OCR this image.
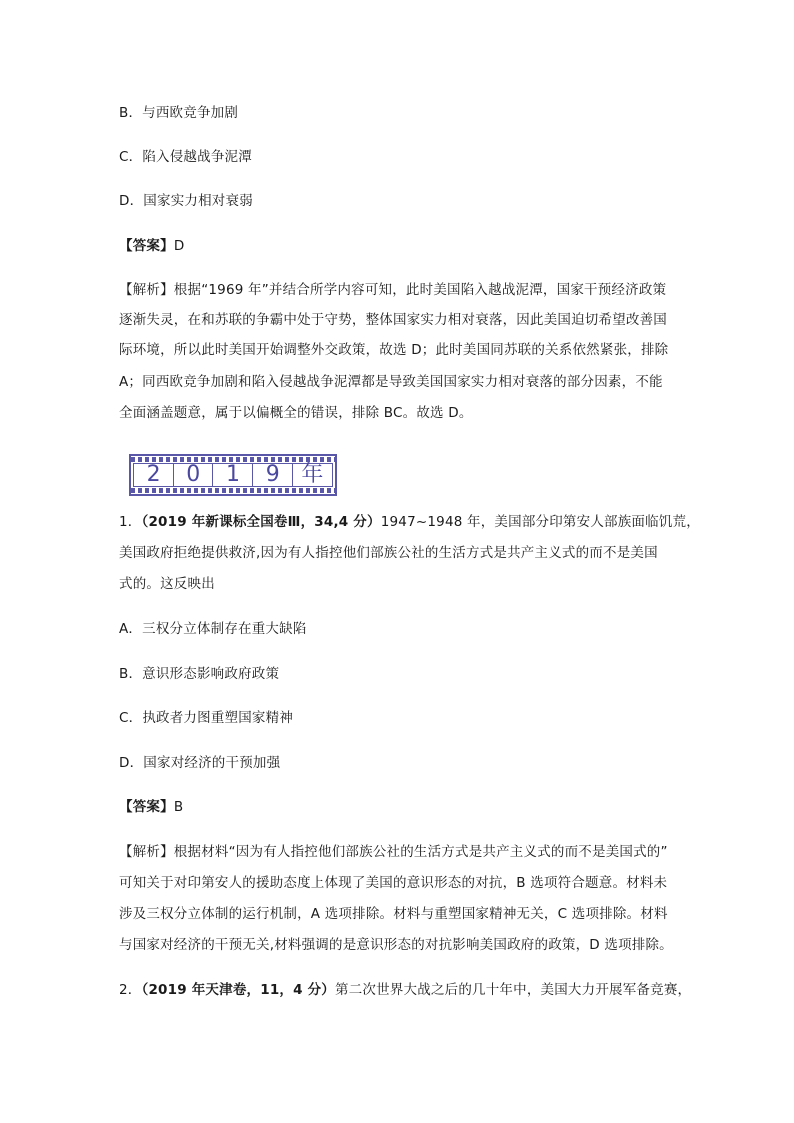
B．与西欧竞争加剧
C．陷入侵越战争泥潭
D．国家实力相对衰弱
【答案】D
【解析】根据“1969 年”并结合所学内容可知，此时美国陷入越战泥潭，国家干预经济政策
逐渐失灵，在和苏联的争霸中处于守势，整体国家实力相对衰落，因此美国迫切希望改善国
际环境，所以此时美国开始调整外交政策，故选 D；此时美国同苏联的关系依然紧张，排除
A；同西欧竞争加剧和陷入侵越战争泥潭都是导致美国国家实力相对衰落的部分因素，不能
全面涵盖题意，属于以偏概全的错误，排除 BC。故选 D。
2	0	1	9 年
1．（2019 年新课标全国卷Ⅲ，34,4 分）1947~1948 年，美国部分印第安人部族面临饥荒，
美国政府拒绝提供救济,因为有人指控他们部族公社的生活方式是共产主义式的而不是美国
式的。这反映出
A．三权分立体制存在重大缺陷
B．意识形态影响政府政策
C．执政者力图重塑国家精神
D．国家对经济的干预加强
【答案】B
【解析】根据材料“因为有人指控他们部族公社的生活方式是共产主义式的而不是美国式的”
可知关于对印第安人的援助态度上体现了美国的意识形态的对抗，B 选项符合题意。材料未
涉及三权分立体制的运行机制，A 选项排除。材料与重塑国家精神无关，C 选项排除。材料
与国家对经济的干预无关,材料强调的是意识形态的对抗影响美国政府的政策，D 选项排除。
2．（2019 年天津卷，11，4 分）第二次世界大战之后的几十年中，美国大力开展军备竞赛，
